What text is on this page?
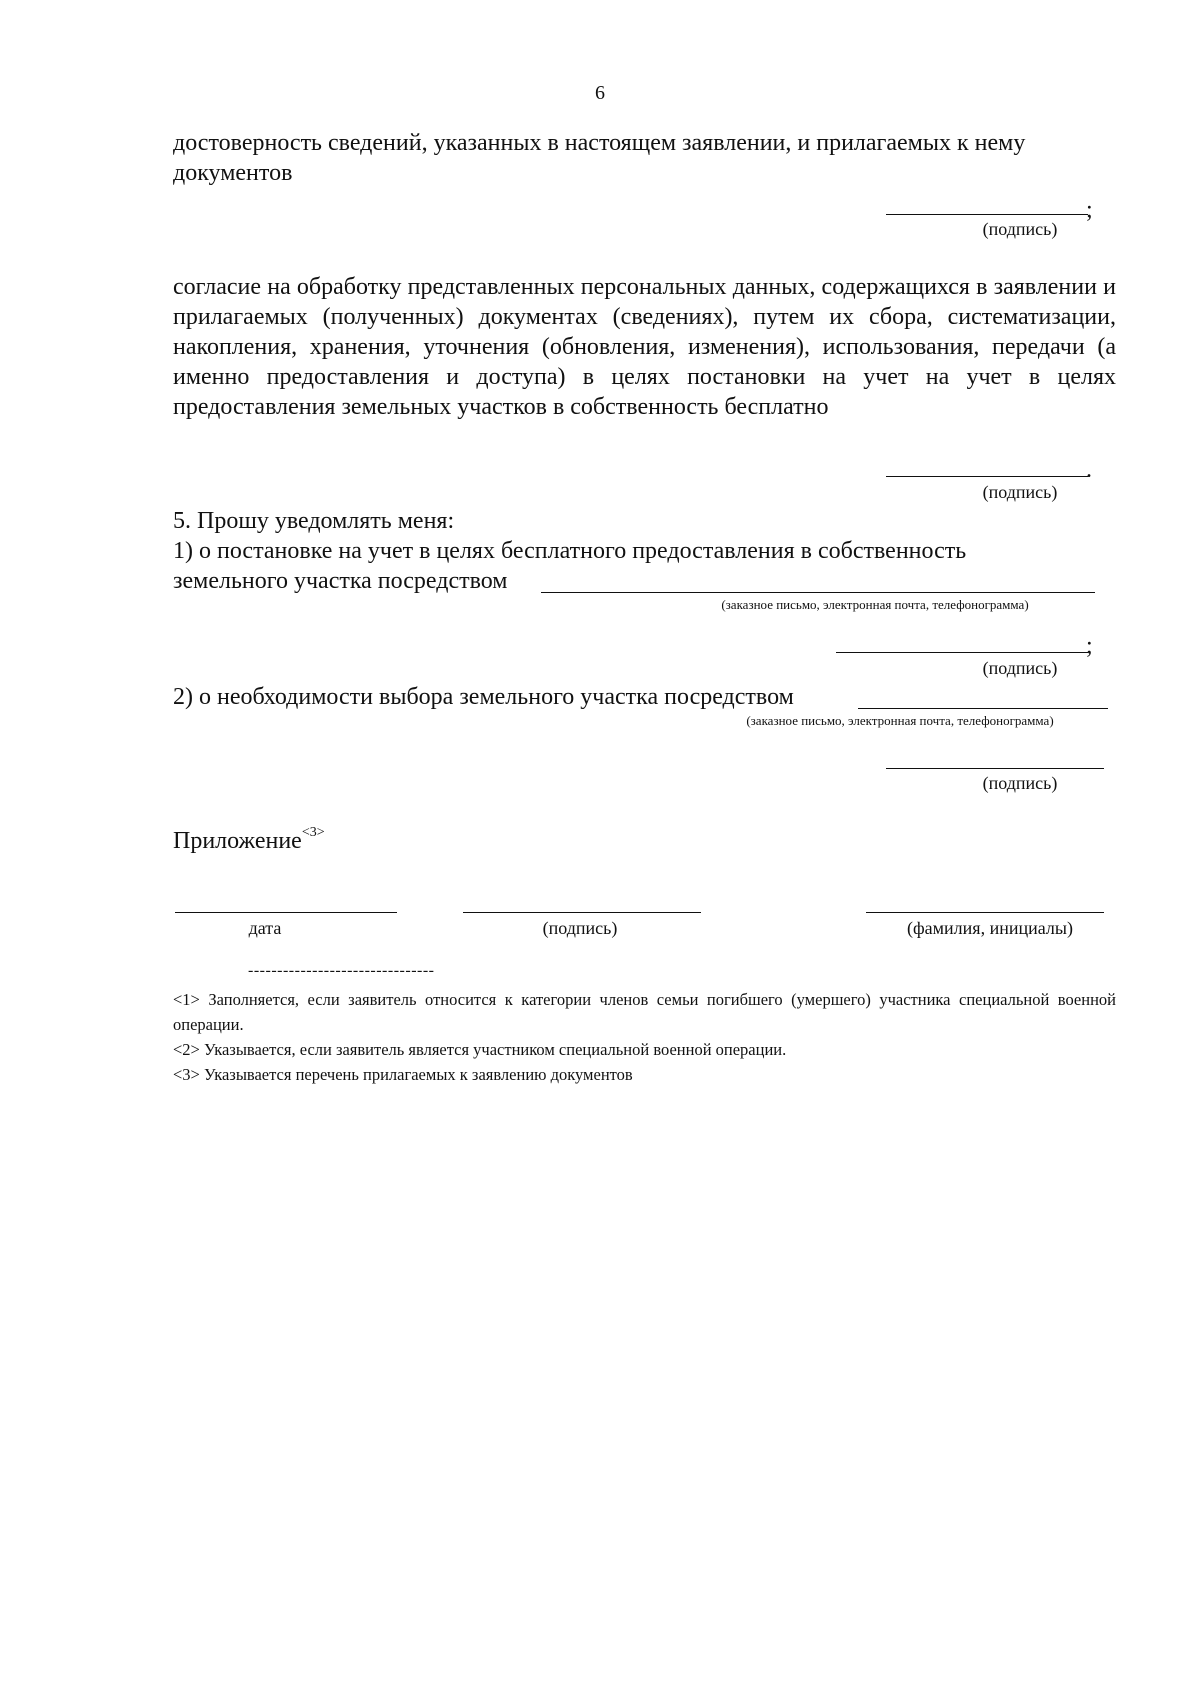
6

достоверность сведений, указанных в настоящем заявлении, и прилагаемых к нему документов

;
(подпись)

согласие на обработку представленных персональных данных, содержащихся в заявлении и прилагаемых (полученных) документах (сведениях), путем их сбора, систематизации, накопления, хранения, уточнения (обновления, изменения), использования, передачи (а именно предоставления и доступа) в целях постановки на учет на учет в целях предоставления земельных участков в собственность бесплатно

.
(подпись)

5. Прошу уведомлять меня:

1) о постановке на учет в целях бесплатного предоставления в собственность

земельного участка посредством

(заказное письмо, электронная почта, телефонограмма)
;
(подпись)

2) о необходимости выбора земельного участка посредством

(заказное письмо, электронная почта, телефонограмма)
(подпись)

Приложение$^{<3>}$

дата	(подпись)	(фамилия, инициалы)
--------------------------------

<1> Заполняется, если заявитель относится к категории членов семьи погибшего (умершего) участника специальной военной операции.

<2> Указывается, если заявитель является участником специальной военной операции.

<3> Указывается перечень прилагаемых к заявлению документов
